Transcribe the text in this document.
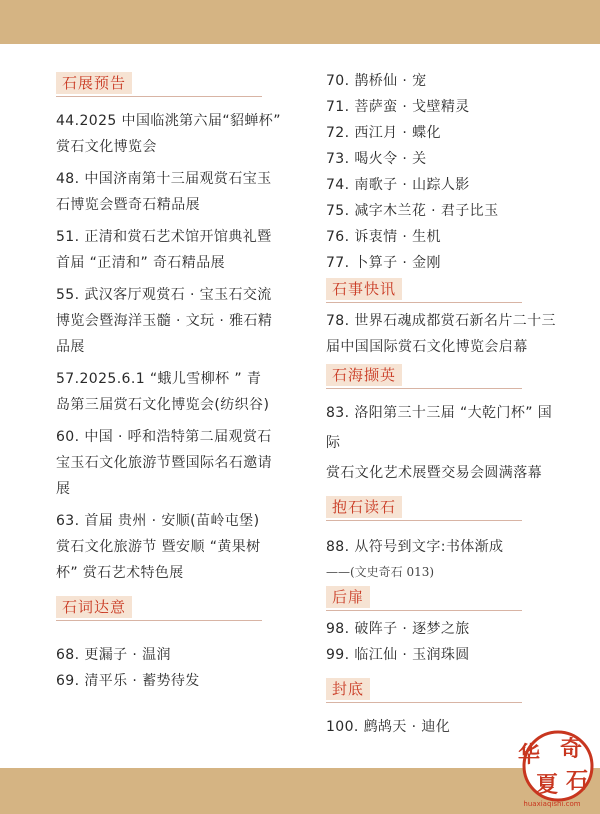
石展预告
44.2025 中国临洮第六届“貂蝉杯”
赏石文化博览会
48. 中国济南第十三届观赏石宝玉
石博览会暨奇石精品展
51. 正清和赏石艺术馆开馆典礼暨
首届 “正清和” 奇石精品展
55. 武汉客厅观赏石 · 宝玉石交流
博览会暨海洋玉髓 · 文玩 · 雅石精
品展
57.2025.6.1 “蛾儿雪柳杯 ” 青
岛第三届赏石文化博览会(纺织谷)
60. 中国 · 呼和浩特第二届观赏石
宝玉石文化旅游节暨国际名石邀请
展
63. 首届 贵州 · 安顺(苗岭屯堡)
赏石文化旅游节 暨安顺 “黄果树
杯” 赏石艺术特色展
石词达意
68. 更漏子 · 温润
69. 清平乐 · 蓄势待发
70. 鹊桥仙 · 宠
71. 菩萨蛮 · 戈壁精灵
72. 西江月 · 蝶化
73. 喝火令 · 关
74. 南歌子 · 山踪人影
75. 减字木兰花 · 君子比玉
76. 诉衷情 · 生机
77. 卜算子 · 金刚
石事快讯
78. 世界石魂成都赏石新名片二十三
届中国国际赏石文化博览会启幕
石海撷英
83. 洛阳第三十三届 “大乾门杯” 国际
赏石文化艺术展暨交易会圆满落幕
抱石读石
88. 从符号到文字:书体渐成
——(文史奇石 013)
后扉
98. 破阵子 · 逐梦之旅
99. 临江仙 · 玉润珠圆
封底
100. 鹧鸪天 · 迪化
华
夏
奇
石
huaxiaqishi.com
